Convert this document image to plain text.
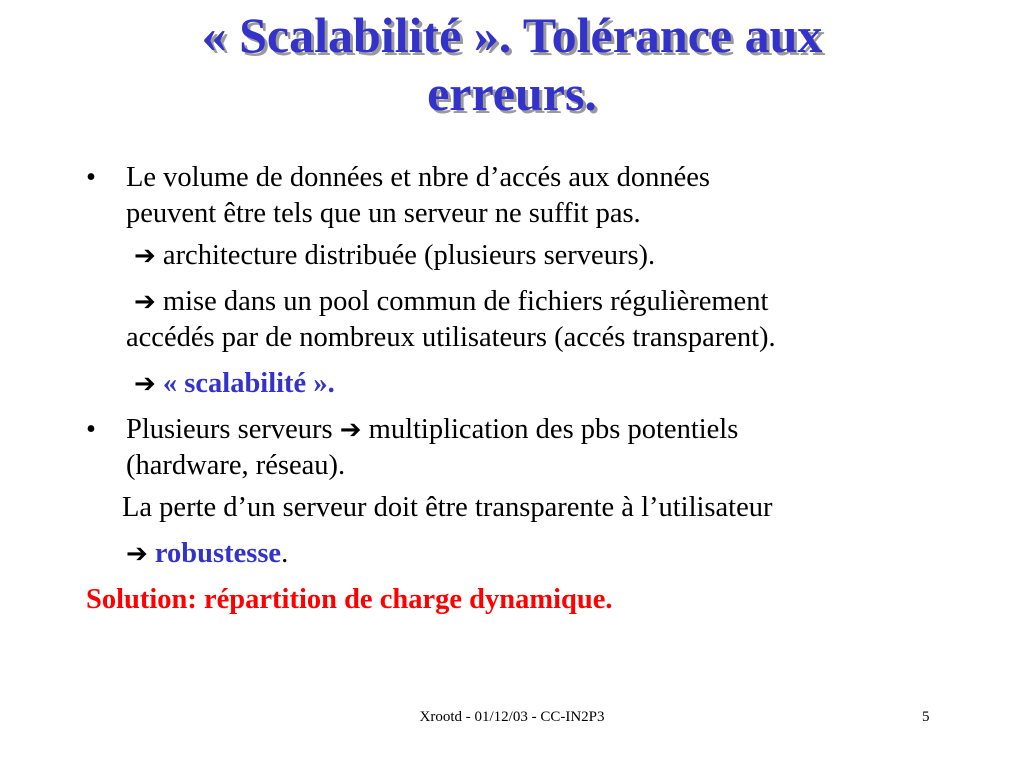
« Scalabilité ». Tolérance aux
erreurs.
• Le volume de données et nbre d’accés aux données
peuvent être tels que un serveur ne suffit pas.
➔ architecture distribuée (plusieurs serveurs).
➔ mise dans un pool commun de fichiers régulièrement
accédés par de nombreux utilisateurs (accés transparent).
➔ « scalabilité ».
• Plusieurs serveurs ➔ multiplication des pbs potentiels
(hardware, réseau).
La perte d’un serveur doit être transparente à l’utilisateur
➔ robustesse.
Solution: répartition de charge dynamique.
Xrootd - 01/12/03 - CC-IN2P3	5
